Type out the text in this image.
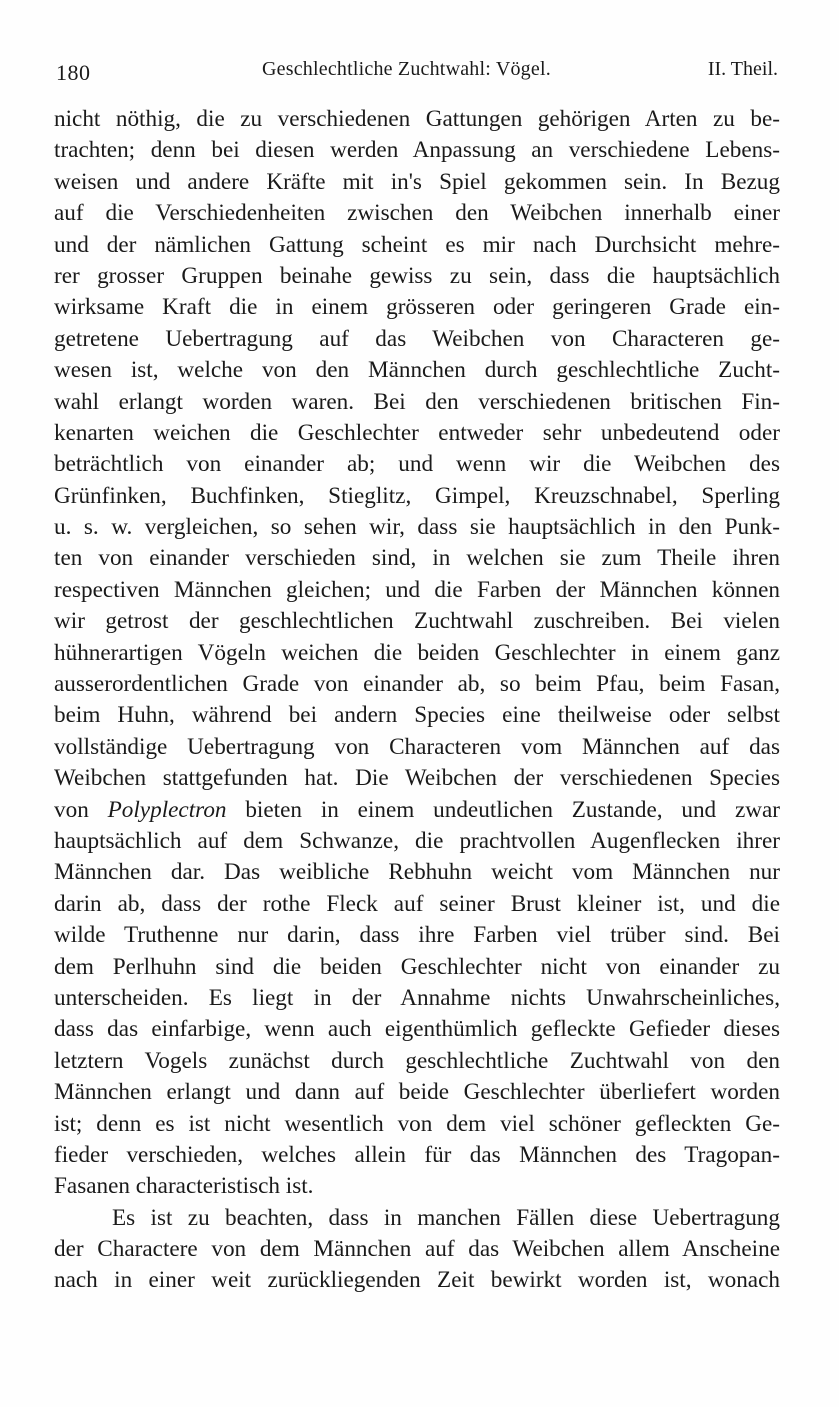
180	Geschlechtliche Zuchtwahl: Vögel.	II. Theil.
nicht nöthig, die zu verschiedenen Gattungen gehörigen Arten zu be-
trachten; denn bei diesen werden Anpassung an verschiedene Lebens-
weisen und andere Kräfte mit in's Spiel gekommen sein. In Bezug
auf die Verschiedenheiten zwischen den Weibchen innerhalb einer
und der nämlichen Gattung scheint es mir nach Durchsicht mehre-
rer grosser Gruppen beinahe gewiss zu sein, dass die hauptsächlich
wirksame Kraft die in einem grösseren oder geringeren Grade ein-
getretene Uebertragung auf das Weibchen von Characteren ge-
wesen ist, welche von den Männchen durch geschlechtliche Zucht-
wahl erlangt worden waren. Bei den verschiedenen britischen Fin-
kenarten weichen die Geschlechter entweder sehr unbedeutend oder
beträchtlich von einander ab; und wenn wir die Weibchen des
Grünfinken, Buchfinken, Stieglitz, Gimpel, Kreuzschnabel, Sperling
u. s. w. vergleichen, so sehen wir, dass sie hauptsächlich in den Punk-
ten von einander verschieden sind, in welchen sie zum Theile ihren
respectiven Männchen gleichen; und die Farben der Männchen können
wir getrost der geschlechtlichen Zuchtwahl zuschreiben. Bei vielen
hühnerartigen Vögeln weichen die beiden Geschlechter in einem ganz
ausserordentlichen Grade von einander ab, so beim Pfau, beim Fasan,
beim Huhn, während bei andern Species eine theilweise oder selbst
vollständige Uebertragung von Characteren vom Männchen auf das
Weibchen stattgefunden hat. Die Weibchen der verschiedenen Species
von Polyplectron bieten in einem undeutlichen Zustande, und zwar
hauptsächlich auf dem Schwanze, die prachtvollen Augenflecken ihrer
Männchen dar. Das weibliche Rebhuhn weicht vom Männchen nur
darin ab, dass der rothe Fleck auf seiner Brust kleiner ist, und die
wilde Truthenne nur darin, dass ihre Farben viel trüber sind. Bei
dem Perlhuhn sind die beiden Geschlechter nicht von einander zu
unterscheiden. Es liegt in der Annahme nichts Unwahrscheinliches,
dass das einfarbige, wenn auch eigenthümlich gefleckte Gefieder dieses
letztern Vogels zunächst durch geschlechtliche Zuchtwahl von den
Männchen erlangt und dann auf beide Geschlechter überliefert worden
ist; denn es ist nicht wesentlich von dem viel schöner gefleckten Ge-
fieder verschieden, welches allein für das Männchen des Tragopan-
Fasanen characteristisch ist.
Es ist zu beachten, dass in manchen Fällen diese Uebertragung
der Charactere von dem Männchen auf das Weibchen allem Anscheine
nach in einer weit zurückliegenden Zeit bewirkt worden ist, wonach
